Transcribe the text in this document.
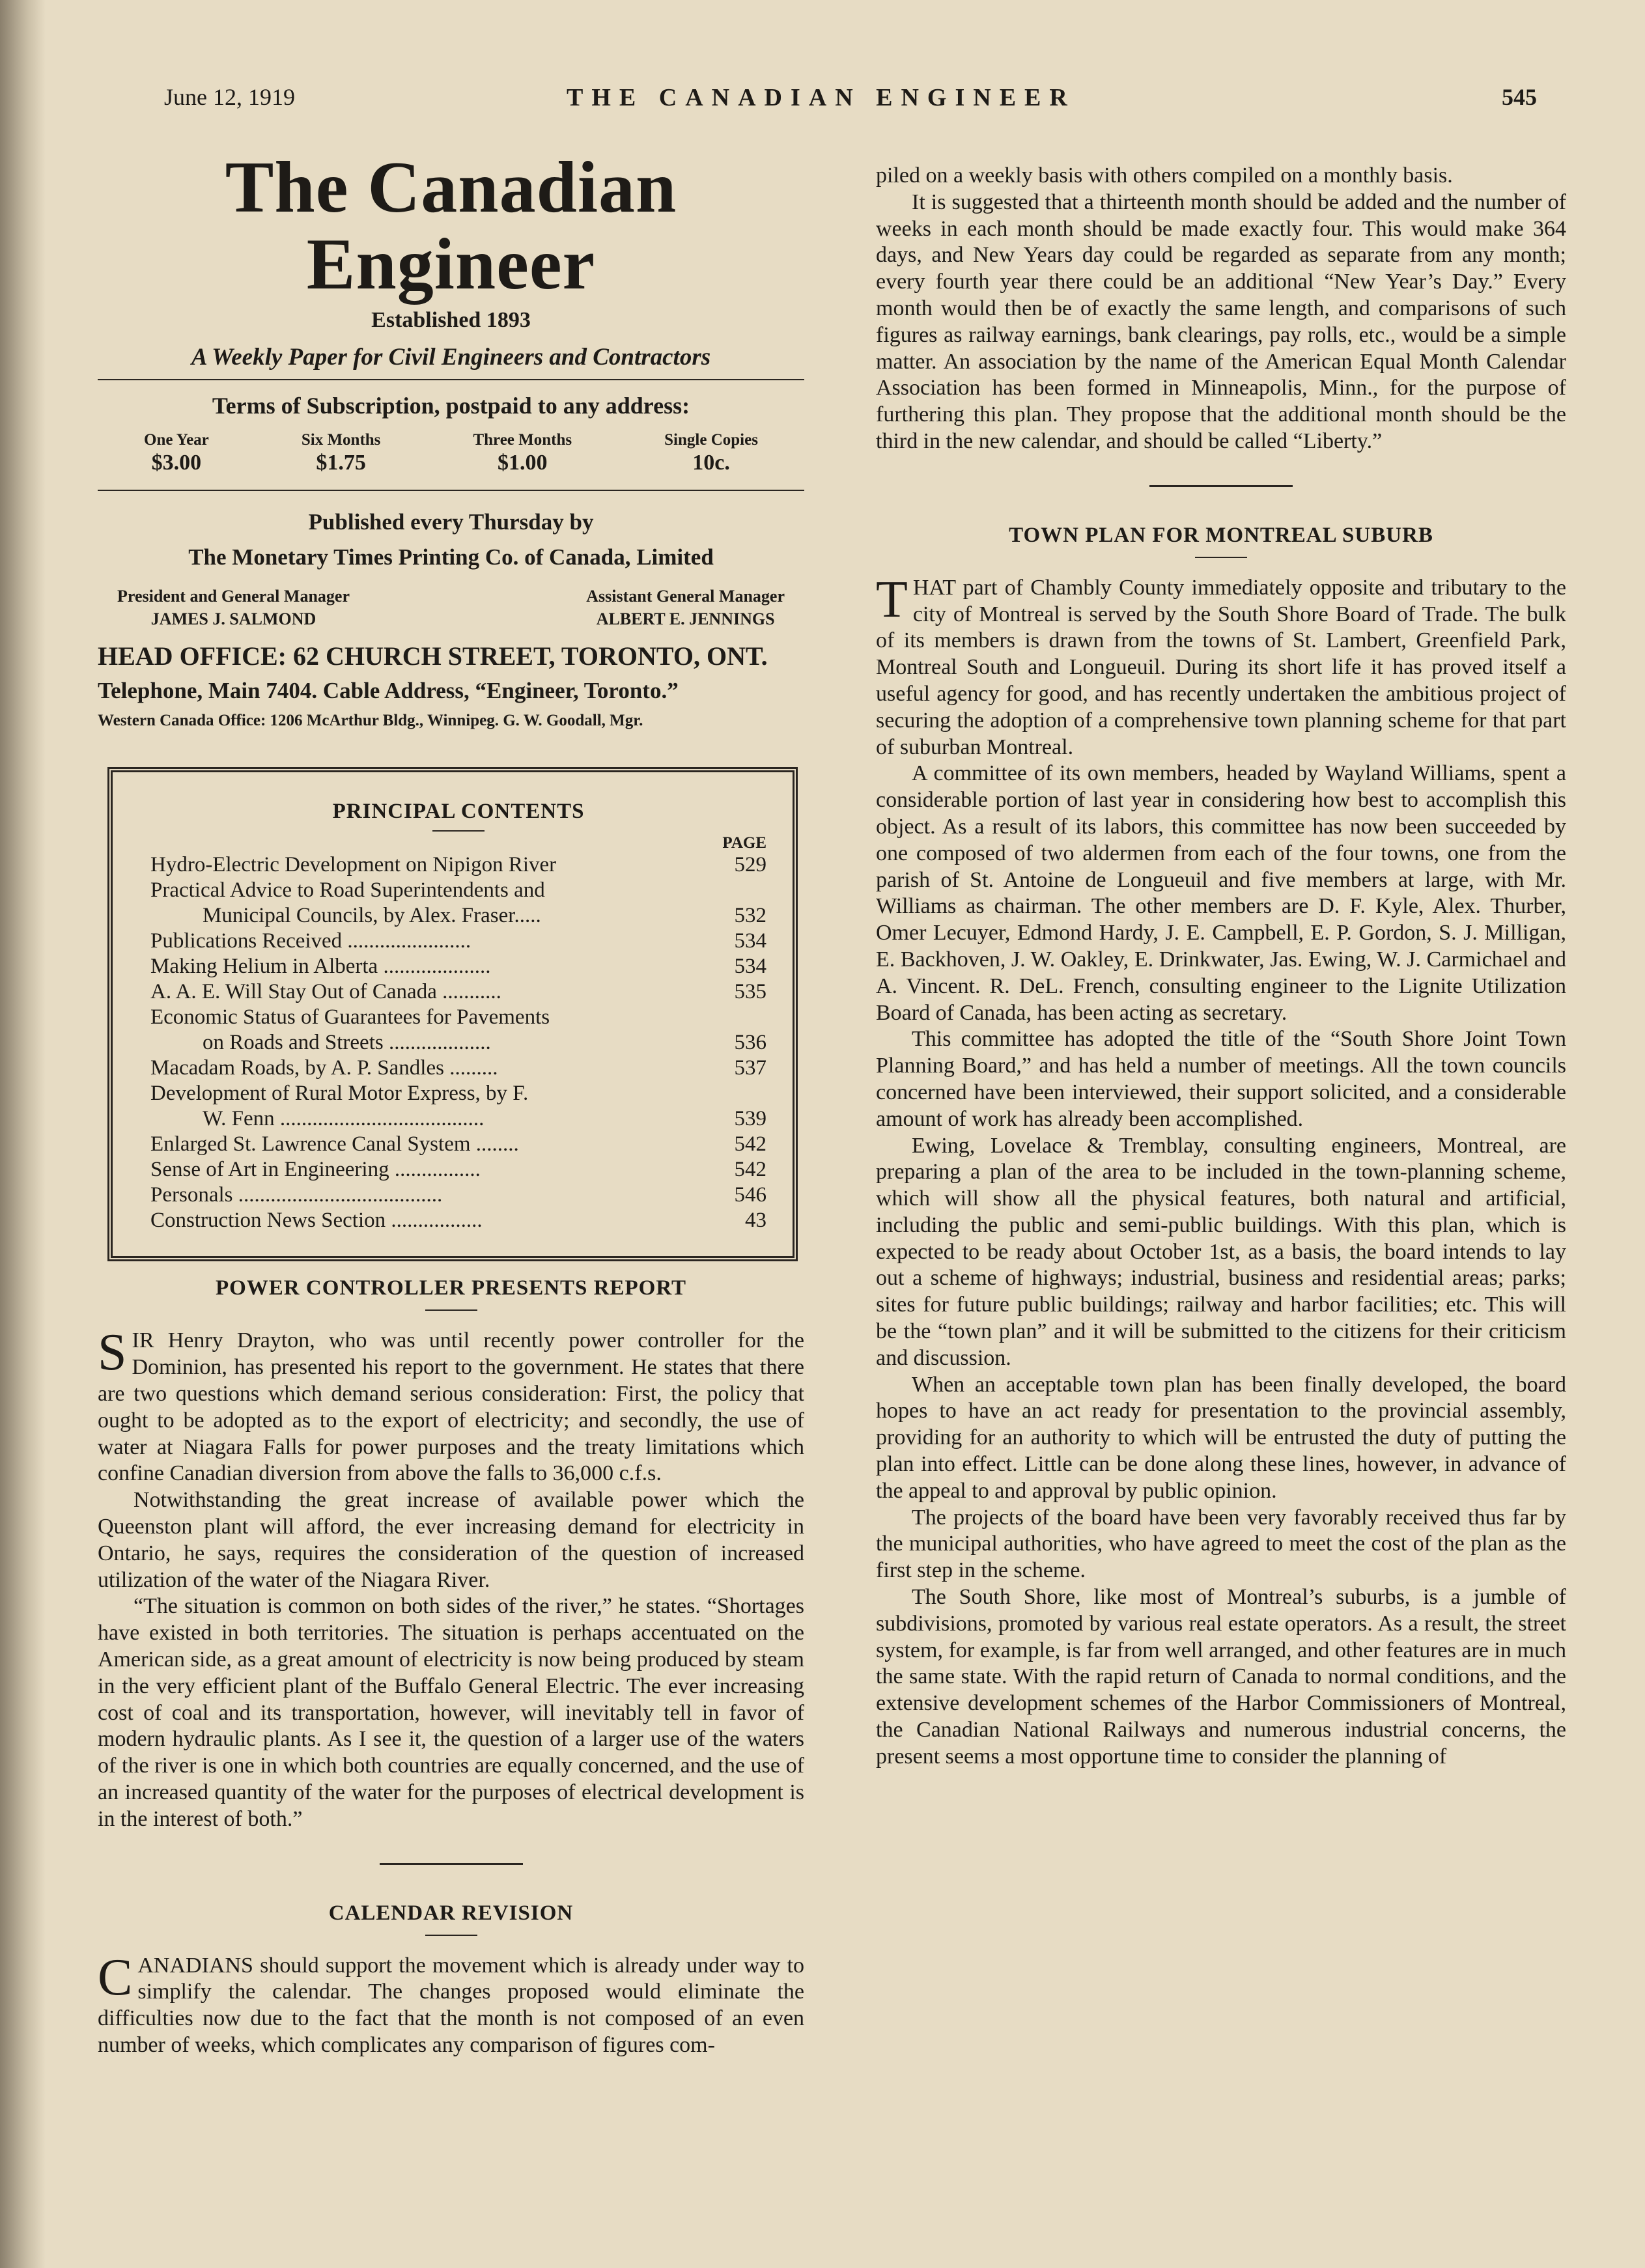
June 12, 1919	THE CANADIAN ENGINEER	545
The Canadian Engineer
Established 1893
A Weekly Paper for Civil Engineers and Contractors
Terms of Subscription, postpaid to any address:
One Year
$3.00
Six Months
$1.75
Three Months
$1.00
Single Copies
10c.
Published every Thursday by
The Monetary Times Printing Co. of Canada, Limited
President and General Manager
JAMES J. SALMOND
Assistant General Manager
ALBERT E. JENNINGS
HEAD OFFICE: 62 CHURCH STREET, TORONTO, ONT.
Telephone, Main 7404. Cable Address, “Engineer, Toronto.”
Western Canada Office: 1206 McArthur Bldg., Winnipeg. G. W. Goodall, Mgr.
PRINCIPAL CONTENTS
PAGE
Hydro-Electric Development on Nipigon River	529
Practical Advice to Road Superintendents and
Municipal Councils, by Alex. Fraser.....	532
Publications Received .......................	534
Making Helium in Alberta ....................	534
A. A. E. Will Stay Out of Canada ...........	535
Economic Status of Guarantees for Pavements
on Roads and Streets ...................	536
Macadam Roads, by A. P. Sandles .........	537
Development of Rural Motor Express, by F.
W. Fenn ......................................	539
Enlarged St. Lawrence Canal System ........	542
Sense of Art in Engineering ................	542
Personals ......................................	546
Construction News Section .................	43
POWER CONTROLLER PRESENTS REPORT

SIR Henry Drayton, who was until recently power controller for the Dominion, has presented his report to the government. He states that there are two questions which demand serious consideration: First, the policy that ought to be adopted as to the export of electricity; and secondly, the use of water at Niagara Falls for power purposes and the treaty limitations which confine Canadian diversion from above the falls to 36,000 c.f.s.

Notwithstanding the great increase of available power which the Queenston plant will afford, the ever increasing demand for electricity in Ontario, he says, requires the consideration of the question of increased utilization of the water of the Niagara River.

“The situation is common on both sides of the river,” he states. “Shortages have existed in both territories. The situation is perhaps accentuated on the American side, as a great amount of electricity is now being produced by steam in the very efficient plant of the Buffalo General Electric. The ever increasing cost of coal and its transportation, however, will inevitably tell in favor of modern hydraulic plants. As I see it, the question of a larger use of the waters of the river is one in which both countries are equally concerned, and the use of an increased quantity of the water for the purposes of electrical development is in the interest of both.”

CALENDAR REVISION

CANADIANS should support the movement which is already under way to simplify the calendar. The changes proposed would eliminate the difficulties now due to the fact that the month is not composed of an even number of weeks, which complicates any comparison of figures com-

piled on a weekly basis with others compiled on a monthly basis.

It is suggested that a thirteenth month should be added and the number of weeks in each month should be made exactly four. This would make 364 days, and New Years day could be regarded as separate from any month; every fourth year there could be an additional “New Year’s Day.” Every month would then be of exactly the same length, and comparisons of such figures as railway earnings, bank clearings, pay rolls, etc., would be a simple matter. An association by the name of the American Equal Month Calendar Association has been formed in Minneapolis, Minn., for the purpose of furthering this plan. They propose that the additional month should be the third in the new calendar, and should be called “Liberty.”

TOWN PLAN FOR MONTREAL SUBURB

THAT part of Chambly County immediately opposite and tributary to the city of Montreal is served by the South Shore Board of Trade. The bulk of its members is drawn from the towns of St. Lambert, Greenfield Park, Montreal South and Longueuil. During its short life it has proved itself a useful agency for good, and has recently undertaken the ambitious project of securing the adoption of a comprehensive town planning scheme for that part of suburban Montreal.

A committee of its own members, headed by Wayland Williams, spent a considerable portion of last year in considering how best to accomplish this object. As a result of its labors, this committee has now been succeeded by one composed of two aldermen from each of the four towns, one from the parish of St. Antoine de Longueuil and five members at large, with Mr. Williams as chairman. The other members are D. F. Kyle, Alex. Thurber, Omer Lecuyer, Edmond Hardy, J. E. Campbell, E. P. Gordon, S. J. Milligan, E. Backhoven, J. W. Oakley, E. Drinkwater, Jas. Ewing, W. J. Carmichael and A. Vincent. R. DeL. French, consulting engineer to the Lignite Utilization Board of Canada, has been acting as secretary.

This committee has adopted the title of the “South Shore Joint Town Planning Board,” and has held a number of meetings. All the town councils concerned have been interviewed, their support solicited, and a considerable amount of work has already been accomplished.

Ewing, Lovelace & Tremblay, consulting engineers, Montreal, are preparing a plan of the area to be included in the town-planning scheme, which will show all the physical features, both natural and artificial, including the public and semi-public buildings. With this plan, which is expected to be ready about October 1st, as a basis, the board intends to lay out a scheme of highways; industrial, business and residential areas; parks; sites for future public buildings; railway and harbor facilities; etc. This will be the “town plan” and it will be submitted to the citizens for their criticism and discussion.

When an acceptable town plan has been finally developed, the board hopes to have an act ready for presentation to the provincial assembly, providing for an authority to which will be entrusted the duty of putting the plan into effect. Little can be done along these lines, however, in advance of the appeal to and approval by public opinion.

The projects of the board have been very favorably received thus far by the municipal authorities, who have agreed to meet the cost of the plan as the first step in the scheme.

The South Shore, like most of Montreal’s suburbs, is a jumble of subdivisions, promoted by various real estate operators. As a result, the street system, for example, is far from well arranged, and other features are in much the same state. With the rapid return of Canada to normal conditions, and the extensive development schemes of the Harbor Commissioners of Montreal, the Canadian National Railways and numerous industrial concerns, the present seems a most opportune time to consider the planning of
